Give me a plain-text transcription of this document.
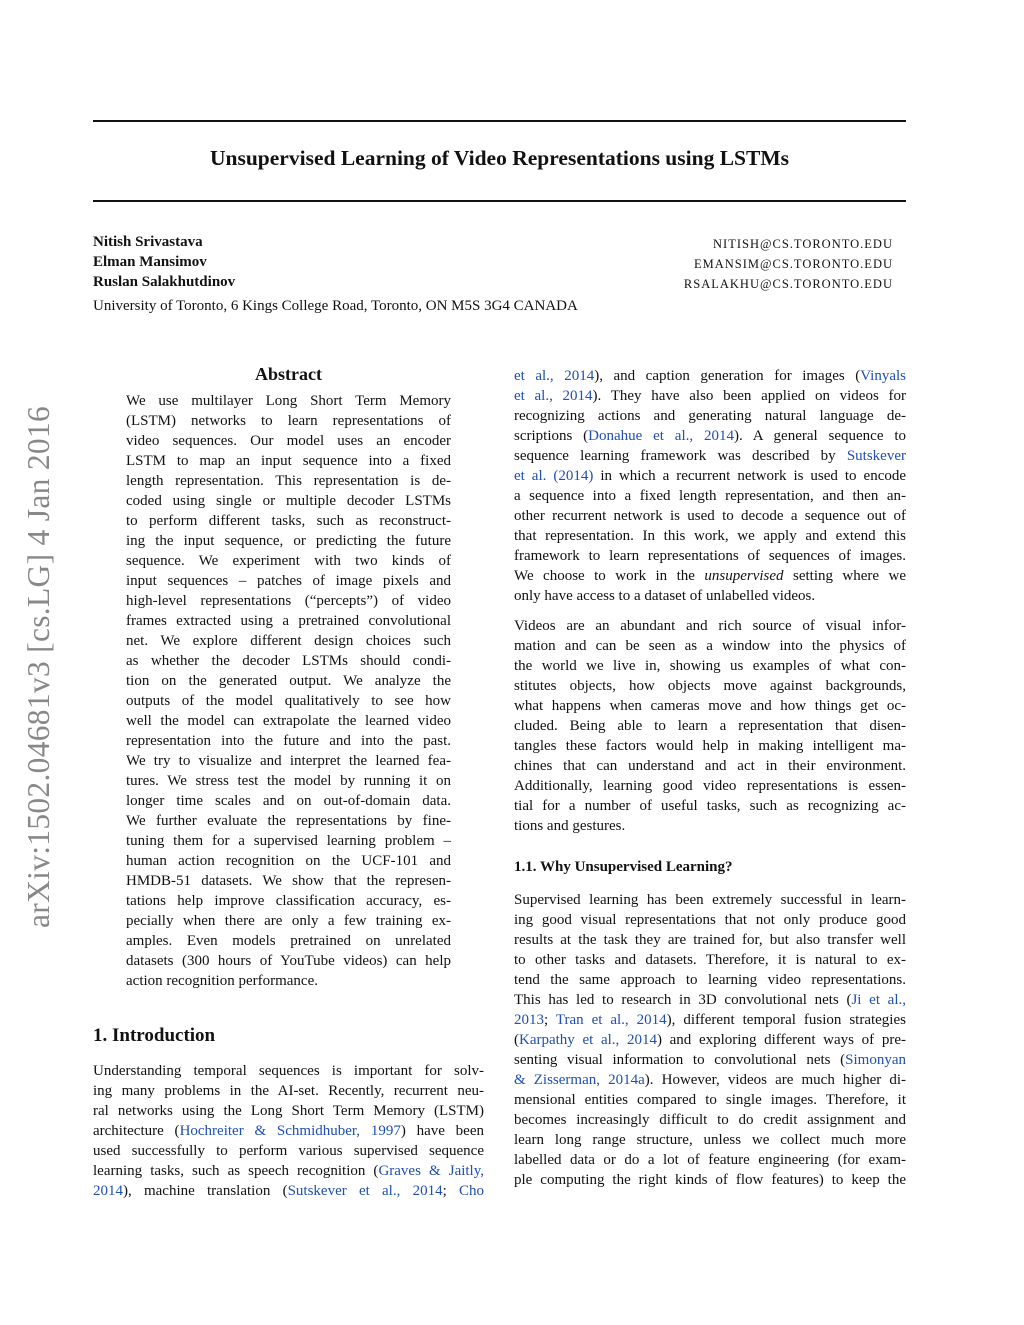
Unsupervised Learning of Video Representations using LSTMs
Nitish Srivastava	NITISH@CS.TORONTO.EDU
Elman Mansimov	EMANSIM@CS.TORONTO.EDU
Ruslan Salakhutdinov	RSALAKHU@CS.TORONTO.EDU
University of Toronto, 6 Kings College Road, Toronto, ON M5S 3G4 CANADA
arXiv:1502.04681v3 [cs.LG] 4 Jan 2016
Abstract
We use multilayer Long Short Term Memory
(LSTM) networks to learn representations of
video sequences. Our model uses an encoder
LSTM to map an input sequence into a fixed
length representation. This representation is de-
coded using single or multiple decoder LSTMs
to perform different tasks, such as reconstruct-
ing the input sequence, or predicting the future
sequence. We experiment with two kinds of
input sequences – patches of image pixels and
high-level representations (“percepts”) of video
frames extracted using a pretrained convolutional
net. We explore different design choices such
as whether the decoder LSTMs should condi-
tion on the generated output. We analyze the
outputs of the model qualitatively to see how
well the model can extrapolate the learned video
representation into the future and into the past.
We try to visualize and interpret the learned fea-
tures. We stress test the model by running it on
longer time scales and on out-of-domain data.
We further evaluate the representations by fine-
tuning them for a supervised learning problem –
human action recognition on the UCF-101 and
HMDB-51 datasets. We show that the represen-
tations help improve classification accuracy, es-
pecially when there are only a few training ex-
amples. Even models pretrained on unrelated
datasets (300 hours of YouTube videos) can help
action recognition performance.
1. Introduction
Understanding temporal sequences is important for solv-
ing many problems in the AI-set. Recently, recurrent neu-
ral networks using the Long Short Term Memory (LSTM)
architecture (Hochreiter & Schmidhuber, 1997) have been
used successfully to perform various supervised sequence
learning tasks, such as speech recognition (Graves & Jaitly,
2014), machine translation (Sutskever et al., 2014; Cho
et al., 2014), and caption generation for images (Vinyals
et al., 2014). They have also been applied on videos for
recognizing actions and generating natural language de-
scriptions (Donahue et al., 2014). A general sequence to
sequence learning framework was described by Sutskever
et al. (2014) in which a recurrent network is used to encode
a sequence into a fixed length representation, and then an-
other recurrent network is used to decode a sequence out of
that representation. In this work, we apply and extend this
framework to learn representations of sequences of images.
We choose to work in the unsupervised setting where we
only have access to a dataset of unlabelled videos.
Videos are an abundant and rich source of visual infor-
mation and can be seen as a window into the physics of
the world we live in, showing us examples of what con-
stitutes objects, how objects move against backgrounds,
what happens when cameras move and how things get oc-
cluded. Being able to learn a representation that disen-
tangles these factors would help in making intelligent ma-
chines that can understand and act in their environment.
Additionally, learning good video representations is essen-
tial for a number of useful tasks, such as recognizing ac-
tions and gestures.
1.1. Why Unsupervised Learning?
Supervised learning has been extremely successful in learn-
ing good visual representations that not only produce good
results at the task they are trained for, but also transfer well
to other tasks and datasets. Therefore, it is natural to ex-
tend the same approach to learning video representations.
This has led to research in 3D convolutional nets (Ji et al.,
2013; Tran et al., 2014), different temporal fusion strategies
(Karpathy et al., 2014) and exploring different ways of pre-
senting visual information to convolutional nets (Simonyan
& Zisserman, 2014a). However, videos are much higher di-
mensional entities compared to single images. Therefore, it
becomes increasingly difficult to do credit assignment and
learn long range structure, unless we collect much more
labelled data or do a lot of feature engineering (for exam-
ple computing the right kinds of flow features) to keep the
